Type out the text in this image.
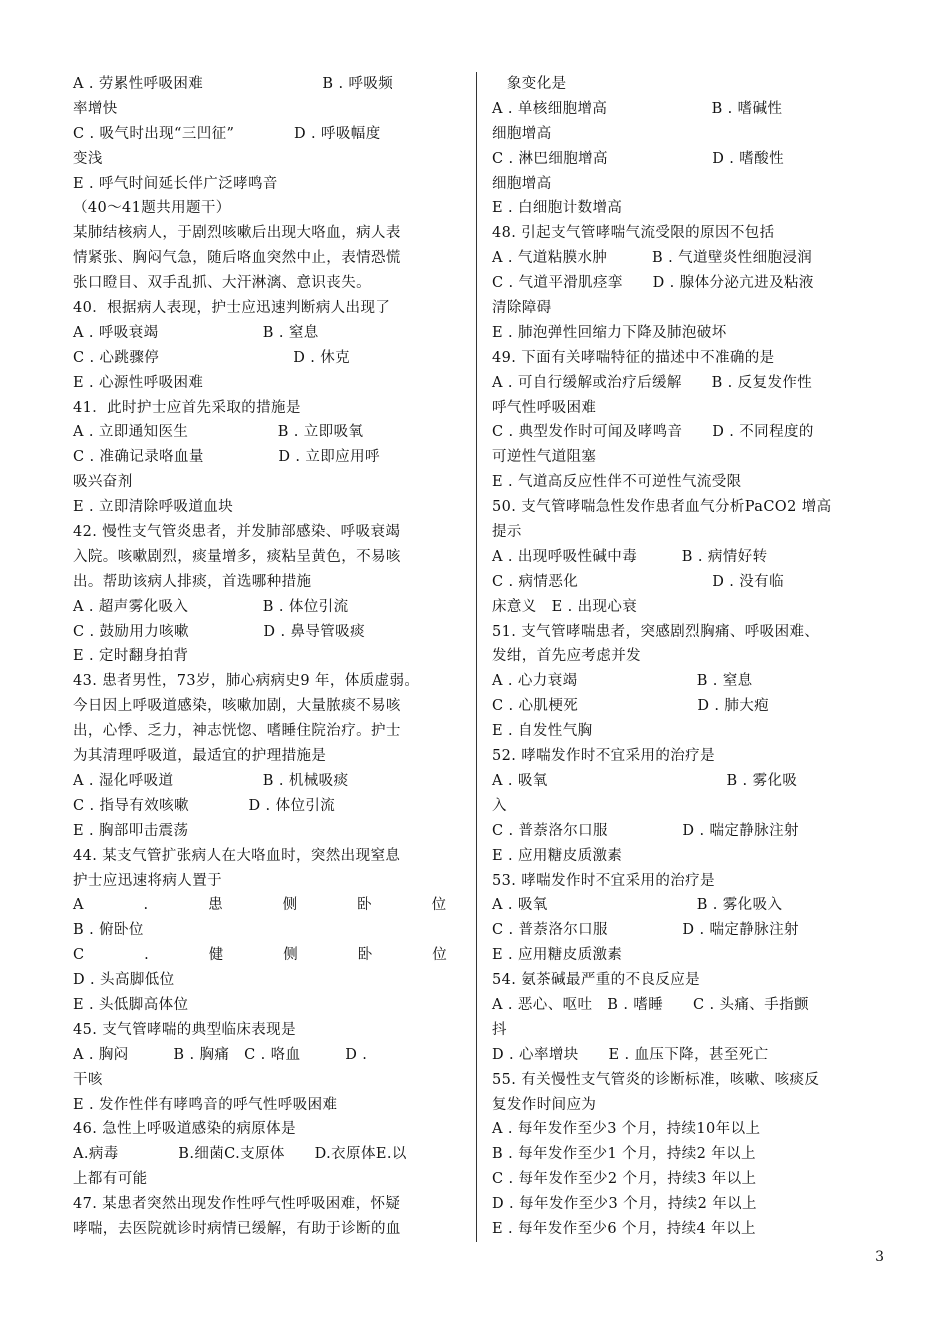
A . 劳累性呼吸困难　　　　　　　　B . 呼吸频
率增快
C . 吸气时出现“三凹征”　　　　D . 呼吸幅度
变浅
E . 呼气时间延长伴广泛哮鸣音
（40～41题共用题干）
某肺结核病人，于剧烈咳嗽后出现大咯血，病人表
情紧张、胸闷气急，随后咯血突然中止，表情恐慌
张口瞪目、双手乱抓、大汗淋漓、意识丧失。
40．根据病人表现，护士应迅速判断病人出现了
A . 呼吸衰竭　　　　　　　B . 窒息
C . 心跳骤停　　　　　　　　　D . 休克
E . 心源性呼吸困难
41．此时护士应首先采取的措施是
A . 立即通知医生　　　　　　B . 立即吸氧
C . 准确记录咯血量　　　　　D . 立即应用呼
吸兴奋剂
E . 立即清除呼吸道血块
42. 慢性支气管炎患者，并发肺部感染、呼吸衰竭
入院。咳嗽剧烈，痰量增多，痰粘呈黄色，不易咳
出。帮助该病人排痰，首选哪种措施
A . 超声雾化吸入　　　　　B . 体位引流
C . 鼓励用力咳嗽　　　　　D . 鼻导管吸痰
E . 定时翻身拍背
43. 患者男性，73岁，肺心病病史9 年，体质虚弱。
今日因上呼吸道感染，咳嗽加剧，大量脓痰不易咳
出，心悸、乏力，神志恍惚、嗜睡住院治疗。护士
为其清理呼吸道，最适宜的护理措施是
A . 湿化呼吸道　　　　　　B . 机械吸痰
C . 指导有效咳嗽　　　　D . 体位引流
E . 胸部叩击震荡
44. 某支气管扩张病人在大咯血时，突然出现窒息
护士应迅速将病人置于
A　　　　.　　　　患　　　　侧　　　　卧　　　　位
B . 俯卧位
C　　　　.　　　　健　　　　侧　　　　卧　　　　位
D . 头高脚低位
E . 头低脚高体位
45. 支气管哮喘的典型临床表现是
A . 胸闷　　　B . 胸痛　C . 咯血　　　D .
干咳
E . 发作性伴有哮鸣音的呼气性呼吸困难
46. 急性上呼吸道感染的病原体是
A.病毒　　　　B.细菌C.支原体　　D.衣原体E.以
上都有可能
47. 某患者突然出现发作性呼气性呼吸困难，怀疑
哮喘，去医院就诊时病情已缓解，有助于诊断的血
　象变化是
A . 单核细胞增高　　　　　　　B . 嗜碱性
细胞增高
C . 淋巴细胞增高　　　　　　　D . 嗜酸性
细胞增高
E . 白细胞计数增高
48. 引起支气管哮喘气流受限的原因不包括
A . 气道粘膜水肿　　　B . 气道壁炎性细胞浸润
C . 气道平滑肌痉挛　　D . 腺体分泌亢进及粘液
清除障碍
E . 肺泡弹性回缩力下降及肺泡破坏
49. 下面有关哮喘特征的描述中不准确的是
A . 可自行缓解或治疗后缓解　　B . 反复发作性
呼气性呼吸困难
C . 典型发作时可闻及哮鸣音　　D . 不同程度的
可逆性气道阻塞
E . 气道高反应性伴不可逆性气流受限
50. 支气管哮喘急性发作患者血气分析PaCO2 增高
提示
A . 出现呼吸性碱中毒　　　B . 病情好转
C . 病情恶化　　　　　　　　　D . 没有临
床意义　E . 出现心衰
51. 支气管哮喘患者，突感剧烈胸痛、呼吸困难、
发绀，首先应考虑并发
A . 心力衰竭　　　　　　　　B . 窒息
C . 心肌梗死　　　　　　　　D . 肺大疱
E . 自发性气胸
52. 哮喘发作时不宜采用的治疗是
A . 吸氧　　　　　　　　　　　　B . 雾化吸
入
C . 普萘洛尔口服　　　　　D . 喘定静脉注射
E . 应用糖皮质激素
53. 哮喘发作时不宜采用的治疗是
A . 吸氧　　　　　　　　　　B . 雾化吸入
C . 普萘洛尔口服　　　　　D . 喘定静脉注射
E . 应用糖皮质激素
54. 氨茶碱最严重的不良反应是
A . 恶心、呕吐　B . 嗜睡　　C . 头痛、手指颤
抖
D . 心率增块　　E . 血压下降，甚至死亡
55. 有关慢性支气管炎的诊断标准，咳嗽、咳痰反
复发作时间应为
A . 每年发作至少3 个月，持续10年以上
B . 每年发作至少1 个月，持续2 年以上
C . 每年发作至少2 个月，持续3 年以上
D . 每年发作至少3 个月，持续2 年以上
E . 每年发作至少6 个月，持续4 年以上
3
